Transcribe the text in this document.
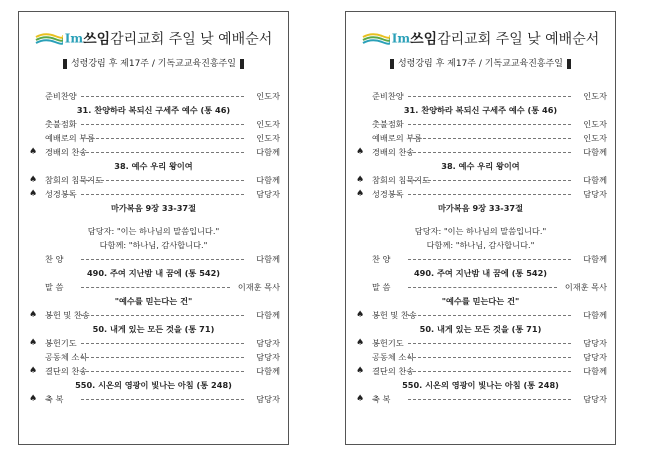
Im쓰임감리교회 주일 낮 예배순서
성령강림 후 제17주 / 기독교교육진흥주일
준비찬양	인도자
31. 찬양하라 복되신 구세주 예수 (통 46)
촛불점화	인도자
예배로의 부름	인도자
♠ 경배의 찬송	다함께
38. 예수 우리 왕이여
♠ 참회의 침묵기도	다함께
♠ 성경봉독	담당자
마가복음 9장 33-37절
담당자: "이는 하나님의 말씀입니다."
다함께: "하나님, 감사합니다."
찬 양	다함께
490. 주여 지난밤 내 꿈에 (통 542)
말 씀	이재훈 목사
"예수를 믿는다는 건"
♠ 봉헌 및 찬송	다함께
50. 내게 있는 모든 것을 (통 71)
♠ 봉헌기도	담당자
공동체 소식	담당자
♠ 결단의 찬송	다함께
550. 시온의 영광이 빛나는 아침 (통 248)
♠ 축 복	담당자
Im쓰임감리교회 주일 낮 예배순서
성령강림 후 제17주 / 기독교교육진흥주일
준비찬양	인도자
31. 찬양하라 복되신 구세주 예수 (통 46)
촛불점화	인도자
예배로의 부름	인도자
♠ 경배의 찬송	다함께
38. 예수 우리 왕이여
♠ 참회의 침묵기도	다함께
♠ 성경봉독	담당자
마가복음 9장 33-37절
담당자: "이는 하나님의 말씀입니다."
다함께: "하나님, 감사합니다."
찬 양	다함께
490. 주여 지난밤 내 꿈에 (통 542)
말 씀	이재훈 목사
"예수를 믿는다는 건"
♠ 봉헌 및 찬송	다함께
50. 내게 있는 모든 것을 (통 71)
♠ 봉헌기도	담당자
공동체 소식	담당자
♠ 결단의 찬송	다함께
550. 시온의 영광이 빛나는 아침 (통 248)
♠ 축 복	담당자
